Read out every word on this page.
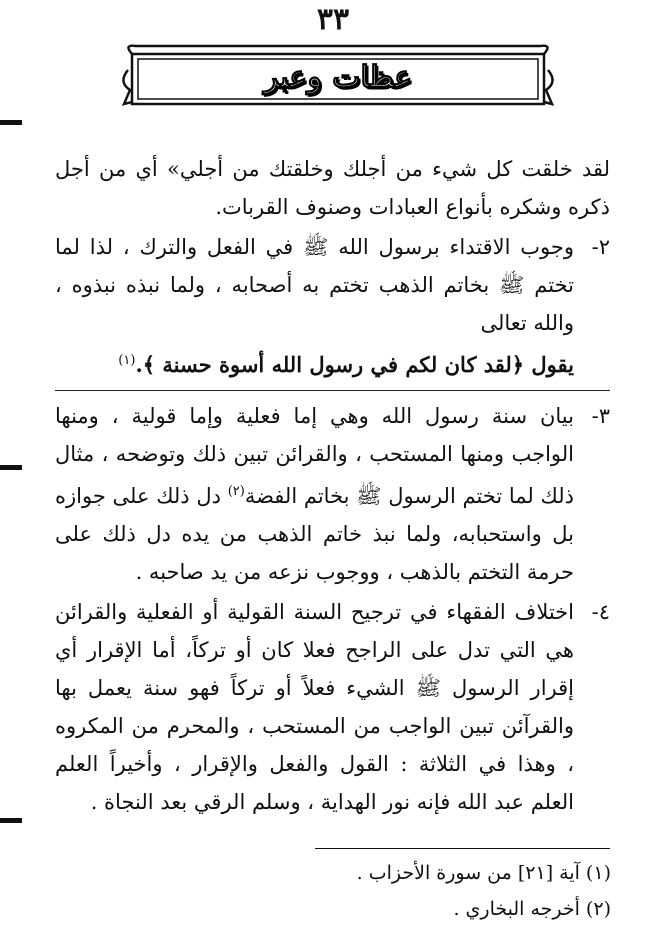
٣٣
عظات وعبر

لقد خلقت كل شيء من أجلك وخلقتك من أجلي» أي من أجل ذكره وشكره بأنواع العبادات وصنوف القربات.

٢-
وجوب الاقتداء برسول الله ﷺ في الفعل والترك ، لذا لما تختم ﷺ بخاتم الذهب تختم به أصحابه ، ولما نبذه نبذوه ، والله تعالى
يقول ﴿لقد كان لكم في رسول الله أسوة حسنة ﴾.$^{(١)}$
٣-
بيان سنة رسول الله وهي إما فعلية وإما قولية ، ومنها الواجب ومنها المستحب ، والقرائن تبين ذلك وتوضحه ، مثال ذلك لما تختم الرسول ﷺ بخاتم الفضة$^{(٢)}$ دل ذلك على جوازه بل واستحبابه، ولما نبذ خاتم الذهب من يده دل ذلك على حرمة التختم بالذهب ، ووجوب نزعه من يد صاحبه .
٤-
اختلاف الفقهاء في ترجيح السنة القولية أو الفعلية والقرائن هي التي تدل على الراجح فعلا كان أو تركاً، أما الإقرار أي إقرار الرسول ﷺ الشيء فعلاً أو تركاً فهو سنة يعمل بها والقرآئن تبين الواجب من المستحب ، والمحرم من المكروه ، وهذا في الثلاثة : القول والفعل والإقرار ، وأخيراً العلم العلم عبد الله فإنه نور الهداية ، وسلم الرقي بعد النجاة .
(١) آية [٢١] من سورة الأحزاب .
(٢) أخرجه البخاري .
